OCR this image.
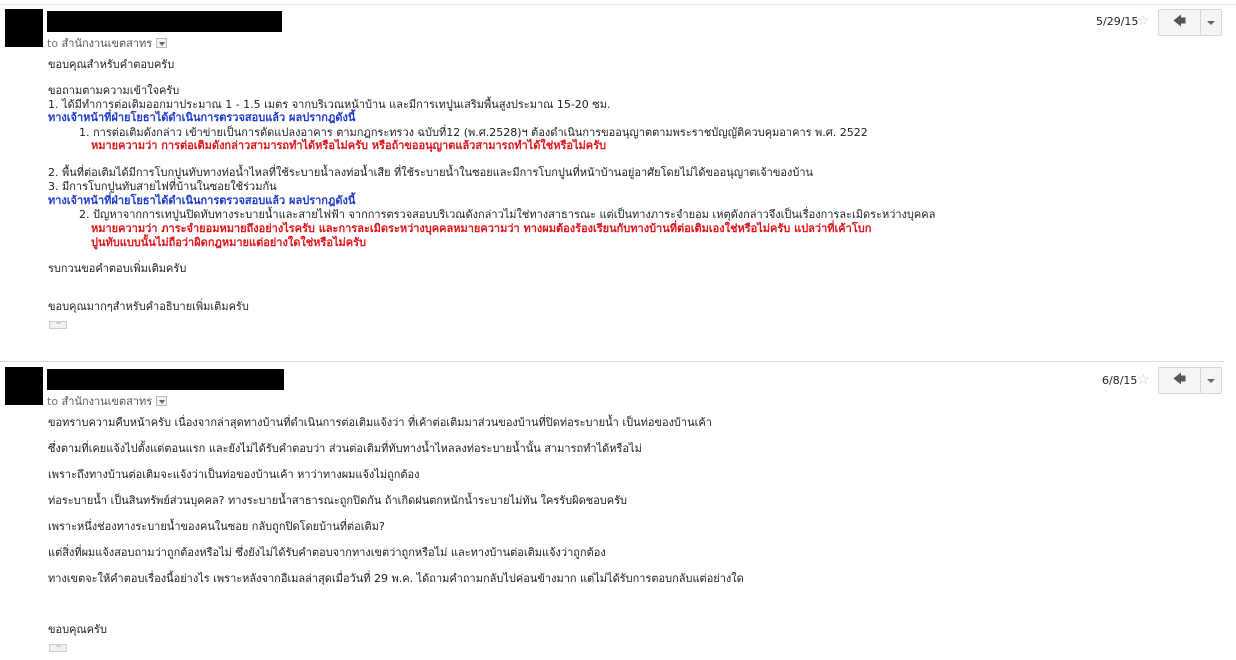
to สำนักงานเขตสาทร
5/29/15
☆ 🡄
ขอบคุณสำหรับคำตอบครับ
ขอถามตามความเข้าใจครับ
1. ได้มีทำการต่อเติมออกมาประมาณ 1 - 1.5 เมตร จากบริเวณหน้าบ้าน และมีการเทปูนเสริมพื้นสูงประมาณ 15-20 ซม.
ทางเจ้าหน้าที่ฝ่ายโยธาได้ดำเนินการตรวจสอบแล้ว ผลปรากฎดังนี้
1. การต่อเติมดังกล่าว เข้าข่ายเป็นการดัดแปลงอาคาร ตามกฎกระทรวง ฉบับที่12 (พ.ศ.2528)ฯ ต้องดำเนินการขออนุญาตตามพระราชบัญญัติควบคุมอาคาร พ.ศ. 2522
หมายความว่า การต่อเติมดังกล่าวสามารถทำได้หรือไม่ครับ หรือถ้าขออนุญาตแล้วสามารถทำได้ใช่หรือไม่ครับ
2. พื้นที่ต่อเติมได้มีการโบกปูนทับทางท่อน้ำไหลที่ใช้ระบายน้ำลงท่อน้ำเสีย ที่ใช้ระบายน้ำในซอยและมีการโบกปูนที่หน้าบ้านอยู่อาศัยโดยไม่ได้ขออนุญาตเจ้าของบ้าน
3. มีการโบกปูนทับสายไฟที่บ้านในซอยใช้ร่วมกัน
ทางเจ้าหน้าที่ฝ่ายโยธาได้ดำเนินการตรวจสอบแล้ว ผลปรากฎดังนี้
2. ปัญหาจากการเทปูนปิดทับทางระบายน้ำและสายไฟฟ้า จากการตรวจสอบบริเวณดังกล่าวไม่ใช่ทางสาธารณะ แต่เป็นทางภาระจำยอม เหตุดังกล่าวจึงเป็นเรื่องการละเมิดระหว่างบุคคล
หมายความว่า ภาระจำยอมหมายถึงอย่างไรครับ และการละเมิดระหว่างบุคคลหมายความว่า ทางผมต้องร้องเรียนกับทางบ้านที่ต่อเติมเองใช่หรือไม่ครับ แปลว่าที่เค้าโบก
ปูนทับแบบนั้นไม่ถือว่าผิดกฎหมายแต่อย่างใดใช่หรือไม่ครับ
รบกวนขอคำตอบเพิ่มเติมครับ
ขอบคุณมากๆสำหรับคำอธิบายเพิ่มเติมครับ
···
to สำนักงานเขตสาทร
6/8/15 ☆ 🡄
ขอทราบความคืบหน้าครับ เนื่องจากล่าสุดทางบ้านที่ดำเนินการต่อเติมแจ้งว่า ที่เค้าต่อเติมมาส่วนของบ้านที่ปิดท่อระบายน้ำ เป็นท่อของบ้านเค้า
ซึ่งตามที่เคยแจ้งไปตั้งแต่ตอนแรก และยังไม่ได้รับคำตอบว่า ส่วนต่อเติมที่ทับทางน้ำไหลลงท่อระบายน้ำนั้น สามารถทำได้หรือไม่
เพราะถึงทางบ้านต่อเติมจะแจ้งว่าเป็นท่อของบ้านเค้า หาว่าทางผมแจ้งไม่ถูกต้อง
ท่อระบายน้ำ เป็นสินทรัพย์ส่วนบุคคล? ทางระบายน้ำสาธารณะถูกปิดกัน ถ้าเกิดฝนตกหนักน้ำระบายไม่ทัน ใครรับผิดชอบครับ
เพราะหนึ่งช่องทางระบายน้ำของคนในซอย กลับถูกปิดโดยบ้านที่ต่อเติม?
แต่สิ่งที่ผมแจ้งสอบถามว่าถูกต้องหรือไม่ ซึ่งยังไม่ได้รับคำตอบจากทางเขตว่าถูกหรือไม่ และทางบ้านต่อเติมแจ้งว่าถูกต้อง
ทางเขตจะให้คำตอบเรื่องนี้อย่างไร เพราะหลังจากอีเมลล่าสุดเมื่อวันที่ 29 พ.ค. ได้ถามคำถามกลับไปค่อนข้างมาก แต่ไม่ได้รับการตอบกลับแต่อย่างใด
ขอบคุณครับ
···
